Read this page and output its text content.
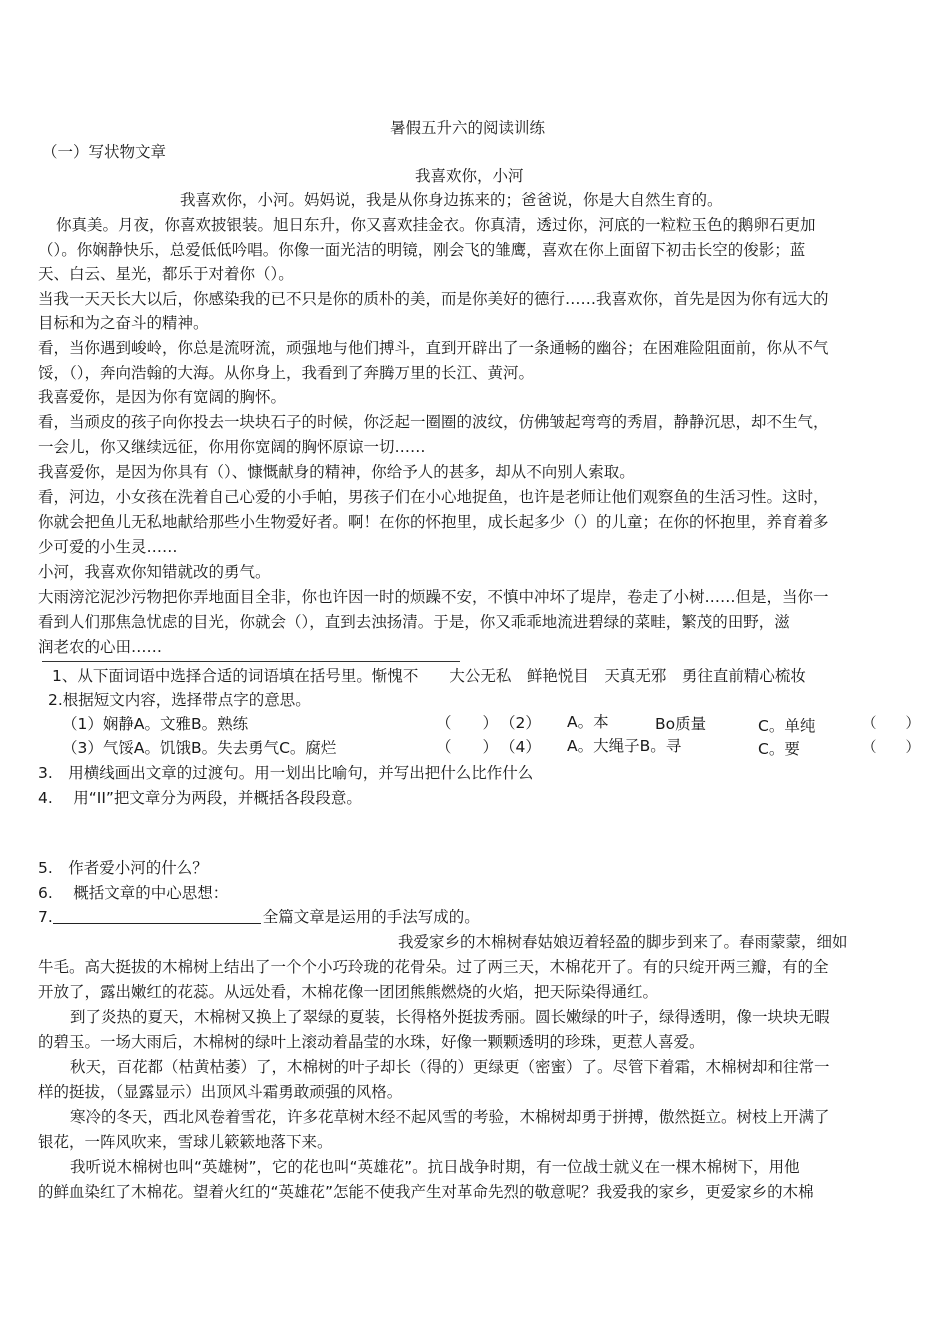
暑假五升六的阅读训练
（一）写状物文章
我喜欢你，小河
我喜欢你，小河。妈妈说，我是从你身边拣来的；爸爸说，你是大自然生育的。
你真美。月夜，你喜欢披银装。旭日东升，你又喜欢挂金衣。你真清，透过你，河底的一粒粒玉色的鹅卵石更加
（）。你娴静快乐，总爱低低吟唱。你像一面光洁的明镜，刚会飞的雏鹰，喜欢在你上面留下初击长空的俊影；蓝
天、白云、星光，都乐于对着你（）。
当我一天天长大以后，你感染我的已不只是你的质朴的美，而是你美好的德行……我喜欢你，首先是因为你有远大的
目标和为之奋斗的精神。
看，当你遇到峻岭，你总是流呀流，顽强地与他们搏斗，直到开辟出了一条通畅的幽谷；在困难险阻面前，你从不气
馁，（），奔向浩翰的大海。从你身上，我看到了奔腾万里的长江、黄河。
我喜爱你，是因为你有宽阔的胸怀。
看，当顽皮的孩子向你投去一块块石子的时候，你泛起一圈圈的波纹，仿佛皱起弯弯的秀眉，静静沉思，却不生气，
一会儿，你又继续远征，你用你宽阔的胸怀原谅一切……
我喜爱你，是因为你具有（）、慷慨献身的精神，你给予人的甚多，却从不向别人索取。
看，河边，小女孩在洗着自己心爱的小手帕，男孩子们在小心地捉鱼，也许是老师让他们观察鱼的生活习性。这时，
你就会把鱼儿无私地献给那些小生物爱好者。啊！在你的怀抱里，成长起多少（）的儿童；在你的怀抱里，养育着多
少可爱的小生灵……
小河，我喜欢你知错就改的勇气。
大雨滂沱泥沙污物把你弄地面目全非，你也许因一时的烦躁不安，不慎中冲坏了堤岸，卷走了小树……但是，当你一
看到人们那焦急忧虑的目光，你就会（），直到去浊扬清。于是，你又乖乖地流进碧绿的菜畦，繁茂的田野，滋
润老农的心田……
1、从下面词语中选择合适的词语填在括号里。惭愧不　　大公无私　鲜艳悦目　天真无邪　勇往直前精心梳妆
2.根据短文内容，选择带点字的意思。
（1）娴静A。文雅B。熟练	（　　） （2） A。本	Bo质量	C。单纯	（　　）
（3）气馁A。饥饿B。失去勇气C。腐烂	（　　） （4） A。大绳子B。寻	C。要	（　　）
3.　用横线画出文章的过渡句。用一划出比喻句，并写出把什么比作什么
4.　 用“II”把文章分为两段，并概括各段段意。
5.　作者爱小河的什么？
6.　 概括文章的中心思想：
7.	全篇文章是运用的手法写成的。
我爱家乡的木棉树春姑娘迈着轻盈的脚步到来了。春雨蒙蒙，细如
牛毛。高大挺拔的木棉树上结出了一个个小巧玲珑的花骨朵。过了两三天，木棉花开了。有的只绽开两三瓣，有的全
开放了，露出嫩红的花蕊。从远处看，木棉花像一团团熊熊燃烧的火焰，把天际染得通红。
到了炎热的夏天，木棉树又换上了翠绿的夏装，长得格外挺拔秀丽。圆长嫩绿的叶子，绿得透明，像一块块无暇
的碧玉。一场大雨后，木棉树的绿叶上滚动着晶莹的水珠，好像一颗颗透明的珍珠，更惹人喜爱。
秋天，百花都（枯黄枯萎）了，木棉树的叶子却长（得的）更绿更（密蜜）了。尽管下着霜，木棉树却和往常一
样的挺拔，（显露显示）出顶风斗霜勇敢顽强的风格。
寒冷的冬天，西北风卷着雪花，许多花草树木经不起风雪的考验，木棉树却勇于拼搏，傲然挺立。树枝上开满了
银花，一阵风吹来，雪球儿簌簌地落下来。
我听说木棉树也叫“英雄树”，它的花也叫“英雄花”。抗日战争时期，有一位战士就义在一棵木棉树下，用他
的鲜血染红了木棉花。望着火红的“英雄花”怎能不使我产生对革命先烈的敬意呢？我爱我的家乡，更爱家乡的木棉
